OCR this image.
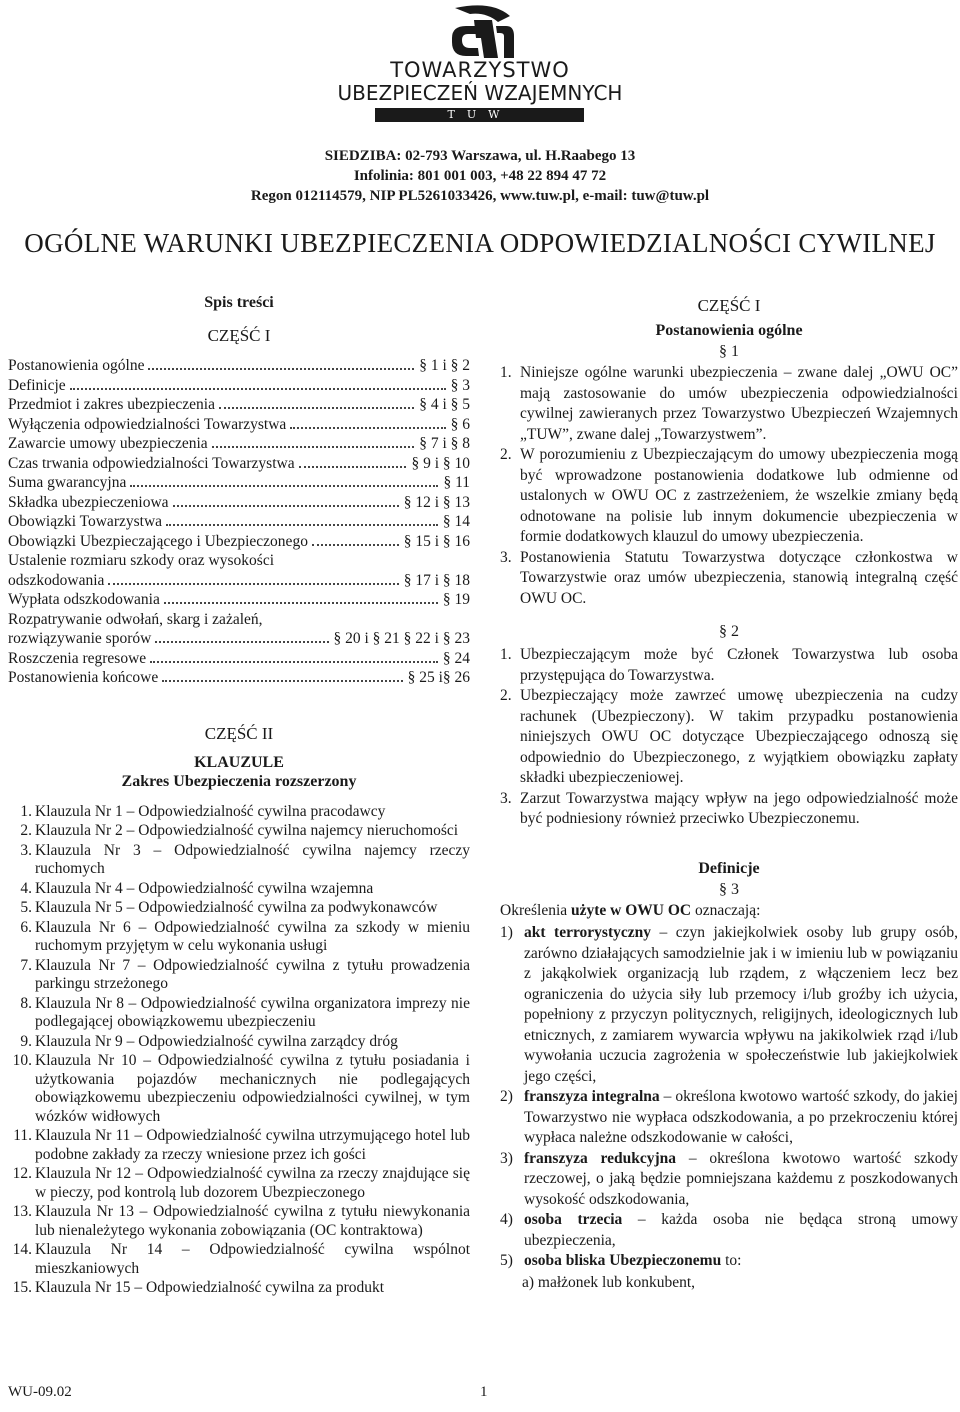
TOWARZYSTWO
UBEZPIECZEŃ WZAJEMNYCH
TUW
SIEDZIBA: 02-793 Warszawa, ul. H.Raabego 13
Infolinia: 801 001 003, +48 22 894 47 72
Regon 012114579, NIP PL5261033426, www.tuw.pl, e-mail: tuw@tuw.pl
OGÓLNE WARUNKI UBEZPIECZENIA ODPOWIEDZIALNOŚCI CYWILNEJ
Spis treści
CZĘŚĆ I
Postanowienia ogólne	§ 1 i § 2
Definicje	§ 3
Przedmiot i zakres ubezpieczenia	§ 4 i § 5
Wyłączenia odpowiedzialności Towarzystwa	§ 6
Zawarcie umowy ubezpieczenia	§ 7 i § 8
Czas trwania odpowiedzialności Towarzystwa	§ 9 i § 10
Suma gwarancyjna	§ 11
Składka ubezpieczeniowa	§ 12 i § 13
Obowiązki Towarzystwa	§ 14
Obowiązki Ubezpieczającego i Ubezpieczonego	§ 15 i § 16
Ustalenie rozmiaru szkody oraz wysokości
odszkodowania	§ 17 i § 18
Wypłata odszkodowania	§ 19
Rozpatrywanie odwołań, skarg i zażaleń,
rozwiązywanie sporów	§ 20 i § 21 § 22 i § 23
Roszczenia regresowe	§ 24
Postanowienia końcowe	§ 25 i§ 26
CZĘŚĆ II
KLAUZULE
Zakres Ubezpieczenia rozszerzony
1. Klauzula Nr 1 – Odpowiedzialność cywilna pracodawcy
2. Klauzula Nr 2 – Odpowiedzialność cywilna najemcy nieruchomości
3. Klauzula Nr 3 – Odpowiedzialność cywilna najemcy rzeczy ruchomych
4. Klauzula Nr 4 – Odpowiedzialność cywilna wzajemna
5. Klauzula Nr 5 – Odpowiedzialność cywilna za podwykonawców
6. Klauzula Nr 6 – Odpowiedzialność cywilna za szkody w mieniu ruchomym przyjętym w celu wykonania usługi
7. Klauzula Nr 7 – Odpowiedzialność cywilna z tytułu prowadzenia parkingu strzeżonego
8. Klauzula Nr 8 – Odpowiedzialność cywilna organizatora imprezy nie podlegającej obowiązkowemu ubezpieczeniu
9. Klauzula Nr 9 – Odpowiedzialność cywilna zarządcy dróg
10. Klauzula Nr 10 – Odpowiedzialność cywilna z tytułu posiadania i użytkowania pojazdów mechanicznych nie podlegających obowiązkowemu ubezpieczeniu odpowiedzialności cywilnej, w tym wózków widłowych
11. Klauzula Nr 11 – Odpowiedzialność cywilna utrzymującego hotel lub podobne zakłady za rzeczy wniesione przez ich gości
12. Klauzula Nr 12 – Odpowiedzialność cywilna za rzeczy znajdujące się w pieczy, pod kontrolą lub dozorem Ubezpieczonego
13. Klauzula Nr 13 – Odpowiedzialność cywilna z tytułu niewykonania lub nienależytego wykonania zobowiązania (OC kontraktowa)
14. Klauzula Nr 14 – Odpowiedzialność cywilna wspólnot mieszkaniowych
15. Klauzula Nr 15 – Odpowiedzialność cywilna za produkt
CZĘŚĆ I
Postanowienia ogólne
§ 1
1. Niniejsze ogólne warunki ubezpieczenia – zwane dalej „OWU OC” mają zastosowanie do umów ubezpieczenia odpowiedzialności cywilnej zawieranych przez Towarzystwo Ubezpieczeń Wzajemnych „TUW”, zwane dalej „Towarzystwem”.
2. W porozumieniu z Ubezpieczającym do umowy ubezpieczenia mogą być wprowadzone postanowienia dodatkowe lub odmienne od ustalonych w OWU OC z zastrzeżeniem, że wszelkie zmiany będą odnotowane na polisie lub innym dokumencie ubezpieczenia w formie dodatkowych klauzul do umowy ubezpieczenia.
3. Postanowienia Statutu Towarzystwa dotyczące członkostwa w Towarzystwie oraz umów ubezpieczenia, stanowią integralną część OWU OC.
§ 2
1. Ubezpieczającym może być Członek Towarzystwa lub osoba przystępująca do Towarzystwa.
2. Ubezpieczający może zawrzeć umowę ubezpieczenia na cudzy rachunek (Ubezpieczony). W takim przypadku postanowienia niniejszych OWU OC dotyczące Ubezpieczającego odnoszą się odpowiednio do Ubezpieczonego, z wyjątkiem obowiązku zapłaty składki ubezpieczeniowej.
3. Zarzut Towarzystwa mający wpływ na jego odpowiedzialność może być podniesiony również przeciwko Ubezpieczonemu.
Definicje
§ 3
Określenia użyte w OWU OC oznaczają:
1) akt terrorystyczny – czyn jakiejkolwiek osoby lub grupy osób, zarówno działających samodzielnie jak i w imieniu lub w powiązaniu z jakąkolwiek organizacją lub rządem, z włączeniem lecz bez ograniczenia do użycia siły lub przemocy i/lub groźby ich użycia, popełniony z przyczyn politycznych, religijnych, ideologicznych lub etnicznych, z zamiarem wywarcia wpływu na jakikolwiek rząd i/lub wywołania uczucia zagrożenia w społeczeństwie lub jakiejkolwiek jego części,
2) franszyza integralna – określona kwotowo wartość szkody, do jakiej Towarzystwo nie wypłaca odszkodowania, a po przekroczeniu której wypłaca należne odszkodowanie w całości,
3) franszyza redukcyjna – określona kwotowo wartość szkody rzeczowej, o jaką będzie pomniejszana każdemu z poszkodowanych wysokość odszkodowania,
4) osoba trzecia – każda osoba nie będąca stroną umowy ubezpieczenia,
5) osoba bliska Ubezpieczonemu to:
a) małżonek lub konkubent,
WU-09.02	1
